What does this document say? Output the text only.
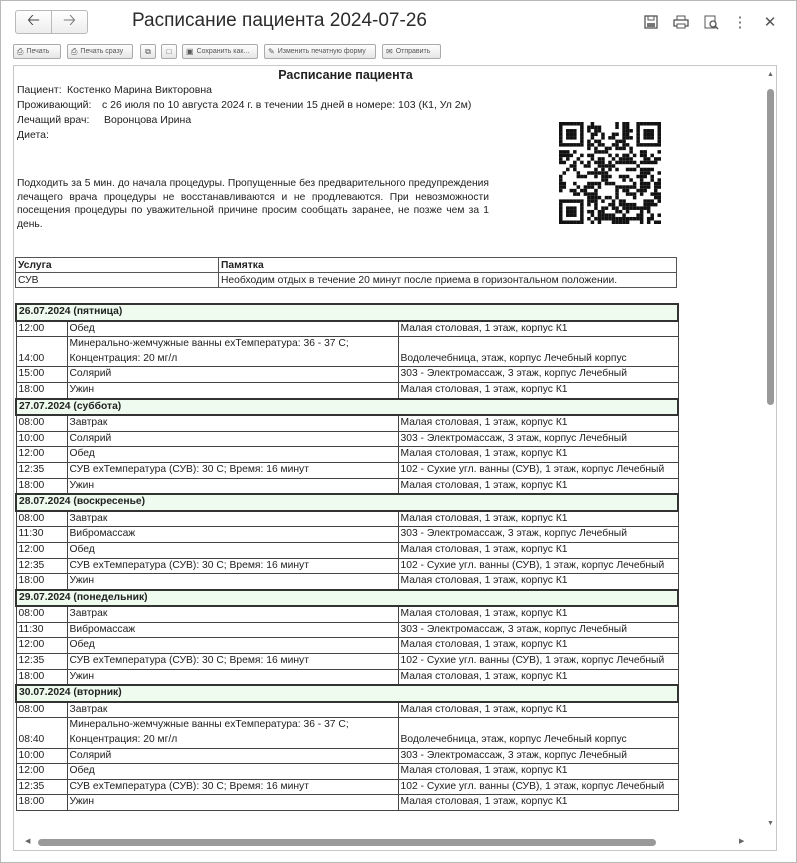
🡠 🡢	Расписание пациента 2024-07-26	⋮ ✕
⎙ Печать	⎙ Печать сразу	⧉ □ ▣ Сохранить как... ✎ Изменить печатную форму	✉ Отправить
Расписание пациента
Пациент: Костенко Марина Викторовна
Проживающий: с 26 июля по 10 августа 2024 г. в течении 15 дней в номере: 103 (К1, Ул 2м)
Лечащий врач: Воронцова Ирина
Диета:
Подходить за 5 мин. до начала процедуры. Пропущенные без предварительного предупреждения лечащего врача процедуры не восстанавливаются и не продлеваются. При невозможности посещения процедуры по уважительной причине просим сообщать заранее, не позже чем за 1 день.
Услуга	Памятка
СУВ	Необходим отдых в течение 20 минут после приема в горизонтальном положении.
26.07.2024 (пятница)		
12:00	Обед	Малая столовая, 1 этаж, корпус К1
14:00	Минерально-жемчужные ванны exТемпература: 36 - 37 С; Концентрация: 20 мг/л	Водолечебница, этаж, корпус Лечебный корпус
15:00	Солярий	303 - Электромассаж, 3 этаж, корпус Лечебный
18:00	Ужин	Малая столовая, 1 этаж, корпус К1
27.07.2024 (суббота)		
08:00	Завтрак	Малая столовая, 1 этаж, корпус К1
10:00	Солярий	303 - Электромассаж, 3 этаж, корпус Лечебный
12:00	Обед	Малая столовая, 1 этаж, корпус К1
12:35	СУВ exТемпература (СУВ): 30 С; Время: 16 минут	102 - Сухие угл. ванны (СУВ), 1 этаж, корпус Лечебный
18:00	Ужин	Малая столовая, 1 этаж, корпус К1
28.07.2024 (воскресенье)		
08:00	Завтрак	Малая столовая, 1 этаж, корпус К1
11:30	Вибромассаж	303 - Электромассаж, 3 этаж, корпус Лечебный
12:00	Обед	Малая столовая, 1 этаж, корпус К1
12:35	СУВ exТемпература (СУВ): 30 С; Время: 16 минут	102 - Сухие угл. ванны (СУВ), 1 этаж, корпус Лечебный
18:00	Ужин	Малая столовая, 1 этаж, корпус К1
29.07.2024 (понедельник)		
08:00	Завтрак	Малая столовая, 1 этаж, корпус К1
11:30	Вибромассаж	303 - Электромассаж, 3 этаж, корпус Лечебный
12:00	Обед	Малая столовая, 1 этаж, корпус К1
12:35	СУВ exТемпература (СУВ): 30 С; Время: 16 минут	102 - Сухие угл. ванны (СУВ), 1 этаж, корпус Лечебный
18:00	Ужин	Малая столовая, 1 этаж, корпус К1
30.07.2024 (вторник)		
08:00	Завтрак	Малая столовая, 1 этаж, корпус К1
08:40	Минерально-жемчужные ванны exТемпература: 36 - 37 С; Концентрация: 20 мг/л	Водолечебница, этаж, корпус Лечебный корпус
10:00	Солярий	303 - Электромассаж, 3 этаж, корпус Лечебный
12:00	Обед	Малая столовая, 1 этаж, корпус К1
12:35	СУВ exТемпература (СУВ): 30 С; Время: 16 минут	102 - Сухие угл. ванны (СУВ), 1 этаж, корпус Лечебный
18:00	Ужин	Малая столовая, 1 этаж, корпус К1
▲
▼
◀	▶
